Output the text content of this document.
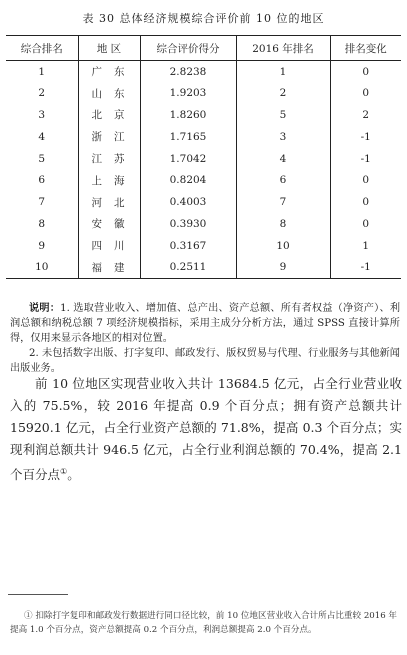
表 30 总体经济规模综合评价前 10 位的地区
综合排名	地 区	综合评价得分	2016 年排名	排名变化
1	广东	2.8238	1	0
2	山东	1.9203	2	0
3	北京	1.8260	5	2
4	浙江	1.7165	3	-1
5	江苏	1.7042	4	-1
6	上海	0.8204	6	0
7	河北	0.4003	7	0
8	安徽	0.3930	8	0
9	四川	0.3167	10	1
10	福建	0.2511	9	-1

说明：1. 选取营业收入、增加值、总产出、资产总额、所有者权益（净资产）、利润总额和纳税总额 7 项经济规模指标，采用主成分分析方法，通过 SPSS 直接计算所得，仅用来显示各地区的相对位置。

2. 未包括数字出版、打字复印、邮政发行、版权贸易与代理、行业服务与其他新闻出版业务。

前 10 位地区实现营业收入共计 13684.5 亿元，占全行业营业收入的 75.5%，较 2016 年提高 0.9 个百分点；拥有资产总额共计 15920.1 亿元，占全行业资产总额的 71.8%，提高 0.3 个百分点；实现利润总额共计 946.5 亿元，占全行业利润总额的 70.4%，提高 2.1 个百分点①。

① 扣除打字复印和邮政发行数据进行同口径比较，前 10 位地区营业收入合计所占比重较 2016 年提高 1.0 个百分点，资产总额提高 0.2 个百分点，利润总额提高 2.0 个百分点。
